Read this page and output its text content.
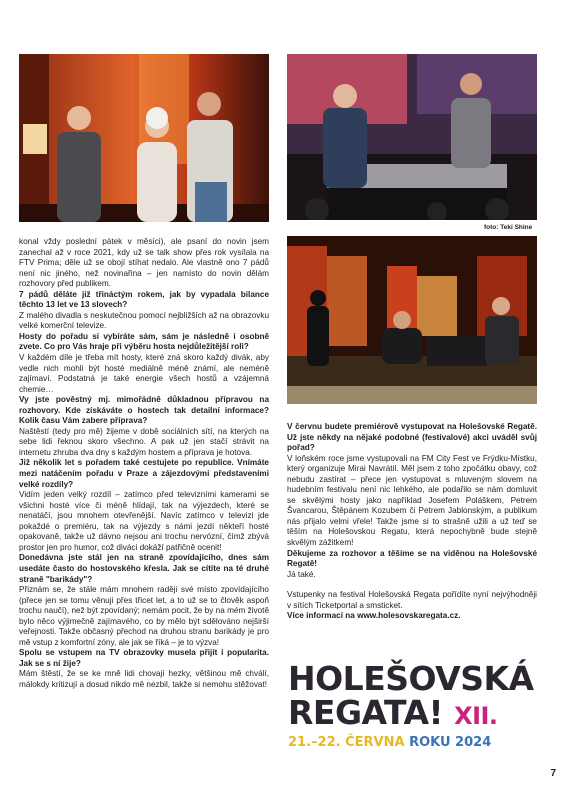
foto: Teki Shine

konal vždy poslední pátek v měsíci), ale psaní do novin jsem zanechal až v roce 2021, kdy už se talk show přes rok vysílala na FTV Prima; děle už se obojí stíhat nedalo. Ale vlastně ono 7 pádů není nic jiného, než novinařina – jen namísto do novin dělám rozhovory před publikem.

7 pádů děláte již třináctým rokem, jak by vypadala bilance těchto 13 let ve 13 slovech?

Z malého divadla s neskutečnou pomocí nejbližších až na obrazovku velké komerční televize.

Hosty do pořadu si vybíráte sám, sám je následně i osobně zvete. Co pro Vás hraje při výběru hosta nejdůležitější roli?

V každém díle je třeba mít hosty, které zná skoro každý divák, aby vedle nich mohli být hosté mediálně méně známí, ale neméně zajímaví. Podstatná je také energie všech hostů a vzájemná chemie…

Vy jste pověstný mj. mimořádně důkladnou přípravou na rozhovory. Kde získáváte o hostech tak detailní informace? Kolik času Vám zabere příprava?

Naštěstí (tedy pro mě) žijeme v době sociálních sítí, na kterých na sebe lidi řeknou skoro všechno. A pak už jen stačí strávit na internetu zhruba dva dny s každým hostem a příprava je hotova.

Již několik let s pořadem také cestujete po republice. Vnímáte mezi natáčením pořadu v Praze a zájezdovými představeními velké rozdíly?

Vidím jeden velký rozdíl – zatímco před televizními kamerami se všichni hosté více či méně hlídají, tak na výjezdech, které se nenatáčí, jsou mnohem otevřenější. Navíc zatímco v televizi jde pokaždé o premiéru, tak na výjezdy s námi jezdí někteří hosté opakovaně, takže už dávno nejsou ani trochu nervózní, čímž zbývá prostor jen pro humor, což diváci dokáží patřičně ocenit!

Donedávna jste stál jen na straně zpovídajícího, dnes sám usedáte často do hostovského křesla. Jak se cítíte na té druhé straně "barikády"?

Přiznám se, že stále mám mnohem raději své místo zpovídajícího (přece jen se tomu věnuji přes třicet let, a to už se to člověk aspoň trochu naučí), než být zpovídaný; nemám pocit, že by na mém životě bylo něco výjimečně zajímavého, co by mělo být sdělováno nejširší veřejnosti. Takže občasný přechod na druhou stranu barikády je pro mě vstup z komfortní zóny, ale jak se říká – je to výzva!

Spolu se vstupem na TV obrazovky musela přijít i popularita. Jak se s ní žije?

Mám štěstí, že se ke mně lidi chovají hezky, většinou mě chválí, málokdy kritizují a dosud nikdo mě nezbil, takže si nemohu stěžovat!

V červnu budete premiérově vystupovat na Holešovské Regatě. Už jste někdy na nějaké podobné (festivalové) akci uváděl svůj pořad?

V loňském roce jsme vystupovali na FM City Fest ve Frýdku-Místku, který organizuje Mirai Navrátil. Měl jsem z toho zpočátku obavy, což nebudu zastírat – přece jen vystupovat s mluveným slovem na hudebním festivalu není nic lehkého, ale podařilo se nám domluvit se skvělými hosty jako například Josefem Poláškem, Petrem Švancarou, Štěpánem Kozubem či Petrem Jablonským, a publikum nás přijalo velmi vřele! Takže jsme si to strašně užili a už teď se těším na Holešovskou Regatu, která nepochybně bude stejně skvělým zážitkem!

Děkujeme za rozhovor a těšíme se na viděnou na Holešovské Regatě!

Já také.

Vstupenky na festival Holešovská Regata pořídíte nyní nejvýhodněji v sítích Ticketportal a smsticket.

Více informací na www.holesovskaregata.cz.

HOLEŠOVSKÁ
REGATA! XII.
21.–22. ČERVNA ROKU 2024
7
